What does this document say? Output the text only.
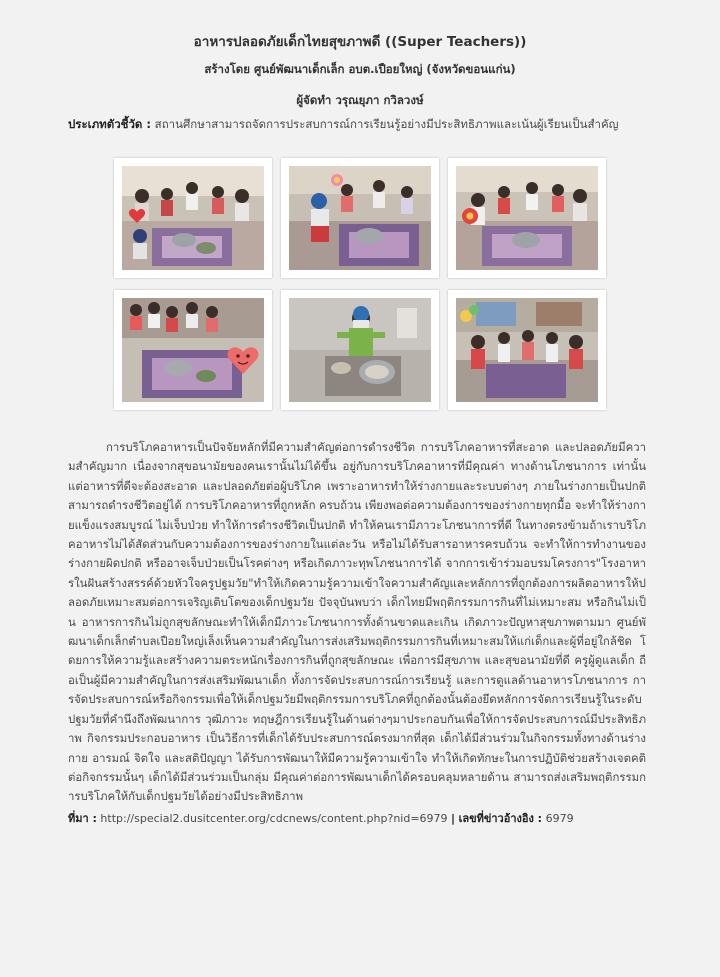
อาหารปลอดภัยเด็กไทยสุขภาพดี ((Super Teachers))
สร้างโดย ศูนย์พัฒนาเด็กเล็ก อบต.เปือยใหญ่ (จังหวัดขอนแก่น)
ผู้จัดทำ วรุณยุภา กวิลวงษ์
ประเภทตัวชี้วัด : สถานศึกษาสามารถจัดการประสบการณ์การเรียนรู้อย่างมีประสิทธิภาพและเน้นผู้เรียนเป็นสำคัญ
การบริโภคอาหารเป็นปัจจัยหลักที่มีความสำคัญต่อการดำรงชีวิต การบริโภคอาหารที่สะอาด และปลอดภัยมีความสำคัญมาก เนื่องจากสุขอนามัยของคนเรานั้นไม่ได้ขึ้น อยู่กับการบริโภคอาหารที่มีคุณค่า ทางด้านโภชนาการ เท่านั้น แต่อาหารที่ดีจะต้องสะอาด และปลอดภัยต่อผู้บริโภค เพราะอาหารทำให้ร่างกายและระบบต่างๆ ภายในร่างกายเป็นปกติ สามารถดำรงชีวิตอยู่ได้ การบริโภคอาหารที่ถูกหลัก ครบถ้วน เพียงพอต่อความต้องการของร่างกายทุกมื้อ จะทำให้ร่างกายแข็งแรงสมบูรณ์ ไม่เจ็บป่วย ทำให้การดำรงชีวิตเป็นปกติ ทำให้คนเรามีภาวะโภชนาการที่ดี ในทางตรงข้ามถ้าเราบริโภคอาหารไม่ได้สัดส่วนกับความต้องการของร่างกายในแต่ละวัน หรือไม่ได้รับสารอาหารครบถ้วน จะทำให้การทำงานของร่างกายผิดปกติ หรืออาจเจ็บป่วยเป็นโรคต่างๆ หรือเกิดภาวะทุพโภชนาการได้ จากการเข้าร่วมอบรมโครงการ"โรงอาหารในฝันสร้างสรรค์ด้วยหัวใจครูปฐมวัย"ทำให้เกิดความรู้ความเข้าใจความสำคัญและหลักการที่ถูกต้องการผลิตอาหารให้ปลอดภัยเหมาะสมต่อการเจริญเติบโตของเด็กปฐมวัย ปัจจุบันพบว่า เด็กไทยมีพฤติกรรมการกินที่ไม่เหมาะสม หรือกินไม่เป็น อาหารการกินไม่ถูกสุขลักษณะทำให้เด็กมีภาวะโภชนาการทั้งด้านขาดและเกิน เกิดภาวะปัญหาสุขภาพตามมา ศูนย์พัฒนาเด็กเล็กตำบลเปือยใหญ่เล็งเห็นความสำคัญในการส่งเสริมพฤติกรรมการกินที่เหมาะสมให้แก่เด็กและผู้ที่อยู่ใกล้ชิด โดยการให้ความรู้และสร้างความตระหนักเรื่องการกินที่ถูกสุขลักษณะ เพื่อการมีสุขภาพ และสุขอนามัยที่ดี ครูผู้ดูแลเด็ก ถือเป็นผู้มีความสำคัญในการส่งเสริมพัฒนาเด็ก ทั้งการจัดประสบการณ์การเรียนรู้ และการดูแลด้านอาหารโภชนาการ การจัดประสบการณ์หรือกิจกรรมเพื่อให้เด็กปฐมวัยมีพฤติกรรมการบริโภคที่ถูกต้องนั้นต้องยึดหลักการจัดการเรียนรู้ในระดับปฐมวัยที่คำนึงถึงพัฒนาการ วุฒิภาวะ ทฤษฎีการเรียนรู้ในด้านต่างๆมาประกอบกันเพื่อให้การจัดประสบการณ์มีประสิทธิภาพ กิจกรรมประกอบอาหาร เป็นวิธีการที่เด็กได้รับประสบการณ์ตรงมากที่สุด เด็กได้มีส่วนร่วมในกิจกรรมทั้งทางด้านร่างกาย อารมณ์ จิตใจ และสติปัญญา ได้รับการพัฒนาให้มีความรู้ความเข้าใจ ทำให้เกิดทักษะในการปฏิบัติช่วยสร้างเจตคติต่อกิจกรรมนั้นๆ เด็กได้มีส่วนร่วมเป็นกลุ่ม มีคุณค่าต่อการพัฒนาเด็กได้ครอบคลุมหลายด้าน สามารถส่งเสริมพฤติกรรมการบริโภคให้กับเด็กปฐมวัยได้อย่างมีประสิทธิภาพ
ที่มา : http://special2.dusitcenter.org/cdcnews/content.php?nid=6979 | เลขที่ข่าวอ้างอิง : 6979
